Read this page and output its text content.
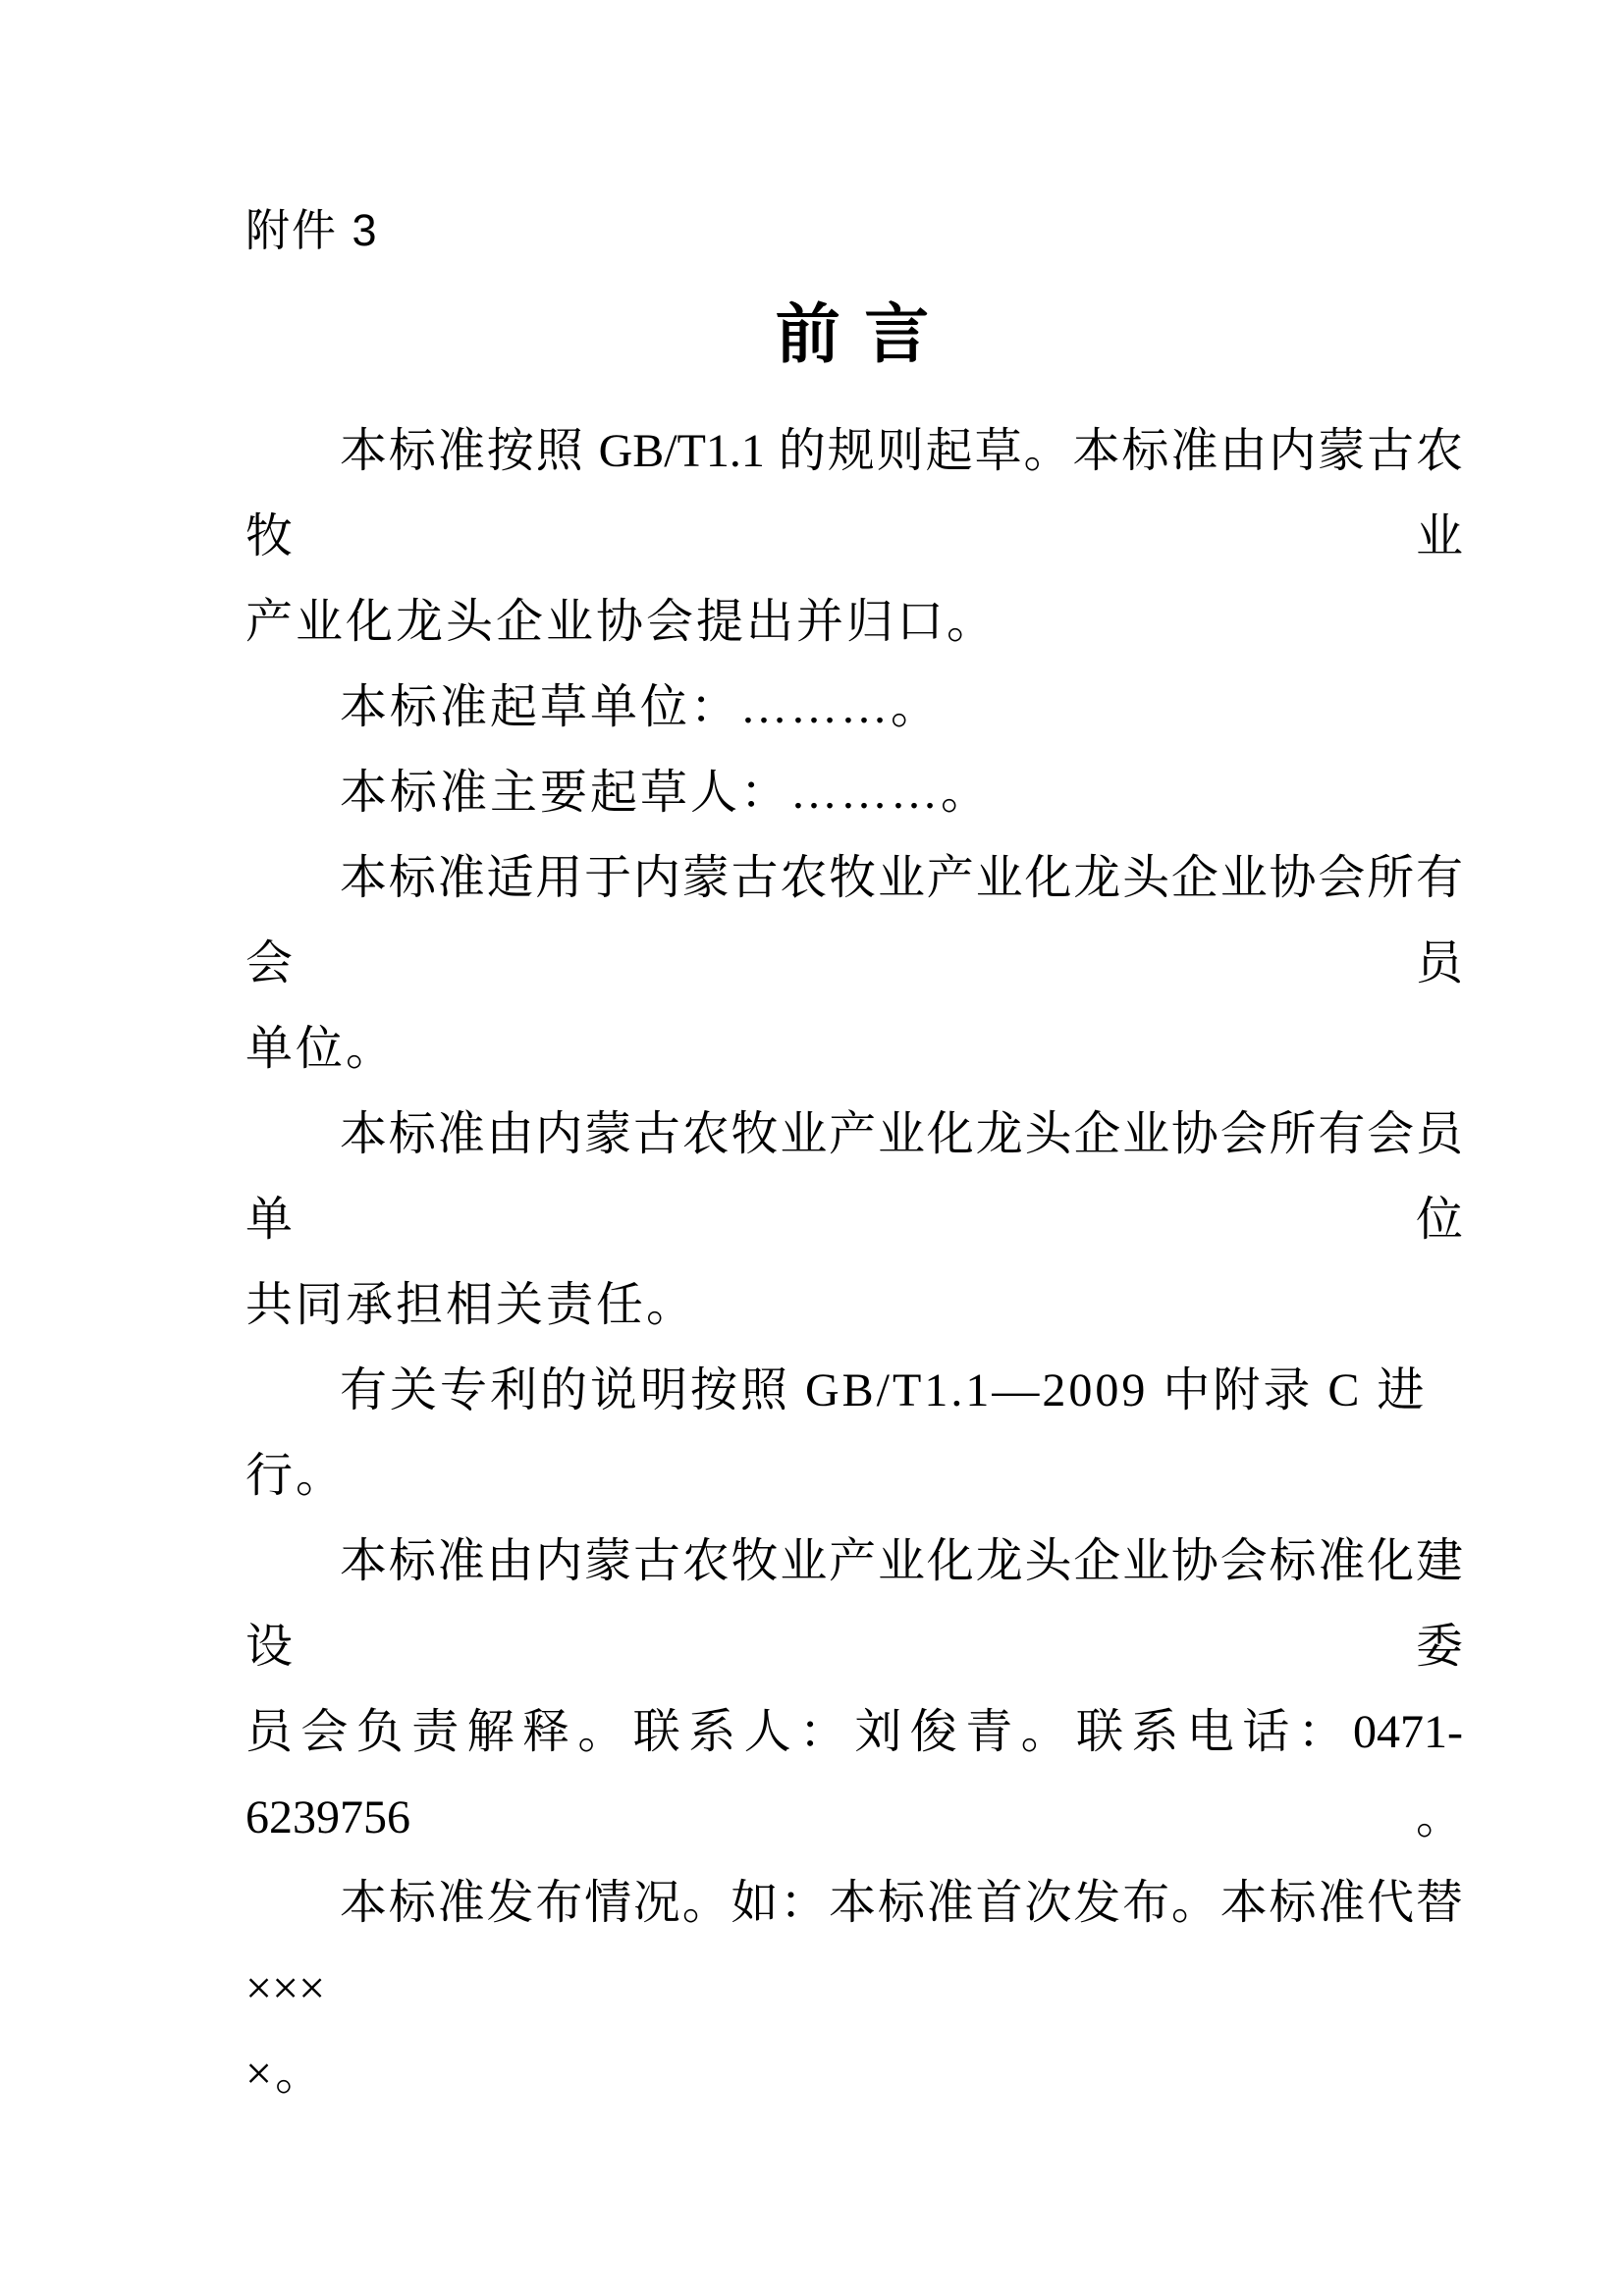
附件 3
前 言
本标准按照 GB/T1.1 的规则起草。本标准由内蒙古农牧业
产业化龙头企业协会提出并归口。
本标准起草单位：………。
本标准主要起草人：………。
本标准适用于内蒙古农牧业产业化龙头企业协会所有会员
单位。
本标准由内蒙古农牧业产业化龙头企业协会所有会员单位
共同承担相关责任。
有关专利的说明按照 GB/T1.1—2009 中附录 C 进行。
本标准由内蒙古农牧业产业化龙头企业协会标准化建设委
员会负责解释。联系人：刘俊青。联系电话：0471-6239756。
本标准发布情况。如：本标准首次发布。本标准代替×××
×。
